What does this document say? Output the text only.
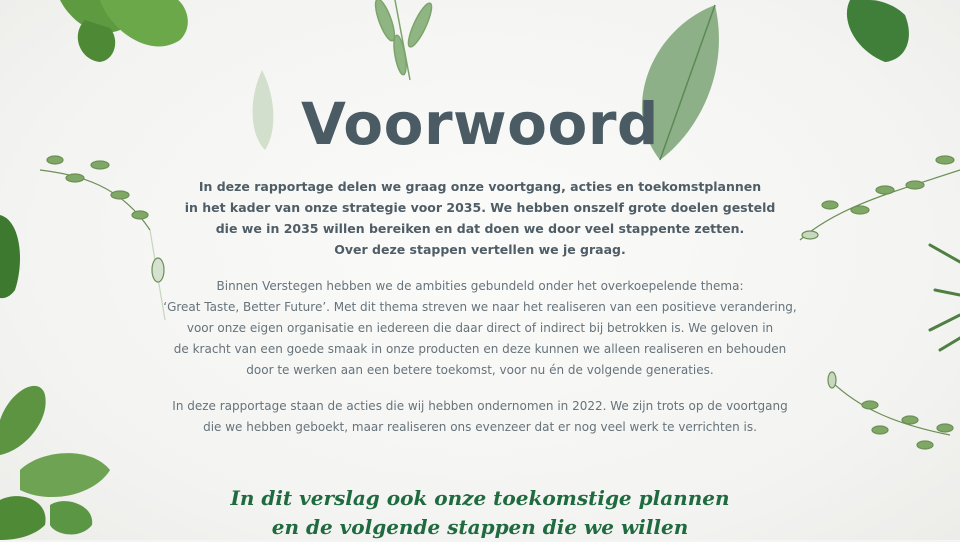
Voorwoord

In deze rapportage delen we graag onze voortgang, acties en toekomstplannen
in het kader van onze strategie voor 2035. We hebben onszelf grote doelen gesteld
die we in 2035 willen bereiken en dat doen we door veel stappente zetten.
Over deze stappen vertellen we je graag.

Binnen Verstegen hebben we de ambities gebundeld onder het overkoepelende thema:
‘Great Taste, Better Future’. Met dit thema streven we naar het realiseren van een positieve verandering,
voor onze eigen organisatie en iedereen die daar direct of indirect bij betrokken is. We geloven in
de kracht van een goede smaak in onze producten en deze kunnen we alleen realiseren en behouden
door te werken aan een betere toekomst, voor nu én de volgende generaties.

In deze rapportage staan de acties die wij hebben ondernomen in 2022. We zijn trots op de voortgang
die we hebben geboekt, maar realiseren ons evenzeer dat er nog veel werk te verrichten is.

In dit verslag ook onze toekomstige plannen
en de volgende stappen die we willen
